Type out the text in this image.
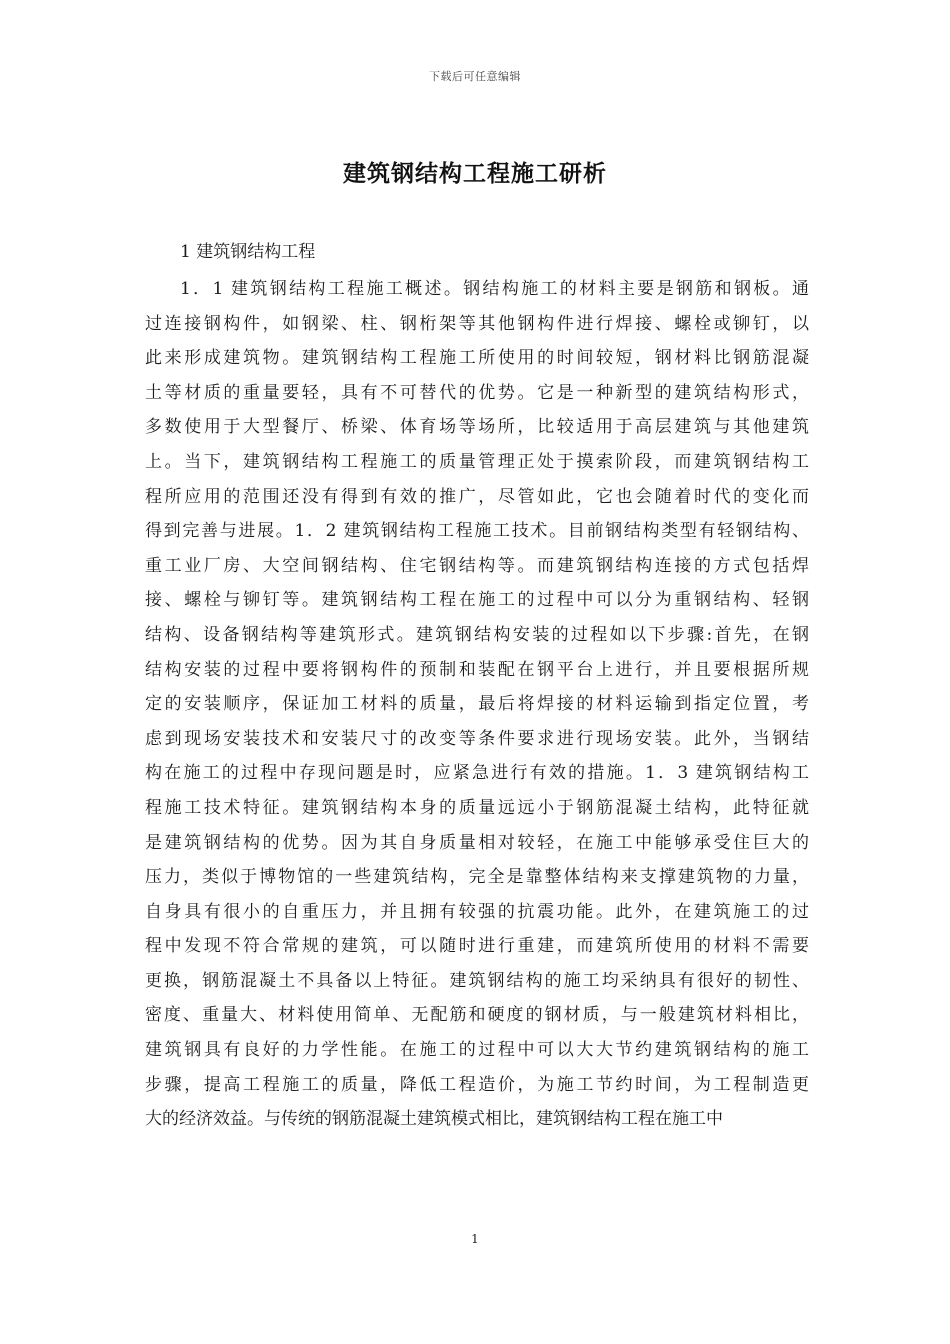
下载后可任意编辑
建筑钢结构工程施工研析
1 建筑钢结构工程
1．1 建筑钢结构工程施工概述。钢结构施工的材料主要是钢筋和钢板。通
过连接钢构件，如钢梁、柱、钢桁架等其他钢构件进行焊接、螺栓或铆钉，以
此来形成建筑物。建筑钢结构工程施工所使用的时间较短，钢材料比钢筋混凝
土等材质的重量要轻，具有不可替代的优势。它是一种新型的建筑结构形式，
多数使用于大型餐厅、桥梁、体育场等场所，比较适用于高层建筑与其他建筑
上。当下，建筑钢结构工程施工的质量管理正处于摸索阶段，而建筑钢结构工
程所应用的范围还没有得到有效的推广，尽管如此，它也会随着时代的变化而
得到完善与进展。1．2 建筑钢结构工程施工技术。目前钢结构类型有轻钢结构、
重工业厂房、大空间钢结构、住宅钢结构等。而建筑钢结构连接的方式包括焊
接、螺栓与铆钉等。建筑钢结构工程在施工的过程中可以分为重钢结构、轻钢
结构、设备钢结构等建筑形式。建筑钢结构安装的过程如以下步骤:首先，在钢
结构安装的过程中要将钢构件的预制和装配在钢平台上进行，并且要根据所规
定的安装顺序，保证加工材料的质量，最后将焊接的材料运输到指定位置，考
虑到现场安装技术和安装尺寸的改变等条件要求进行现场安装。此外，当钢结
构在施工的过程中存现问题是时，应紧急进行有效的措施。1．3 建筑钢结构工
程施工技术特征。建筑钢结构本身的质量远远小于钢筋混凝土结构，此特征就
是建筑钢结构的优势。因为其自身质量相对较轻，在施工中能够承受住巨大的
压力，类似于博物馆的一些建筑结构，完全是靠整体结构来支撑建筑物的力量，
自身具有很小的自重压力，并且拥有较强的抗震功能。此外，在建筑施工的过
程中发现不符合常规的建筑，可以随时进行重建，而建筑所使用的材料不需要
更换，钢筋混凝土不具备以上特征。建筑钢结构的施工均采纳具有很好的韧性、
密度、重量大、材料使用简单、无配筋和硬度的钢材质，与一般建筑材料相比，
建筑钢具有良好的力学性能。在施工的过程中可以大大节约建筑钢结构的施工
步骤，提高工程施工的质量，降低工程造价，为施工节约时间，为工程制造更
大的经济效益。与传统的钢筋混凝土建筑模式相比，建筑钢结构工程在施工中
1
